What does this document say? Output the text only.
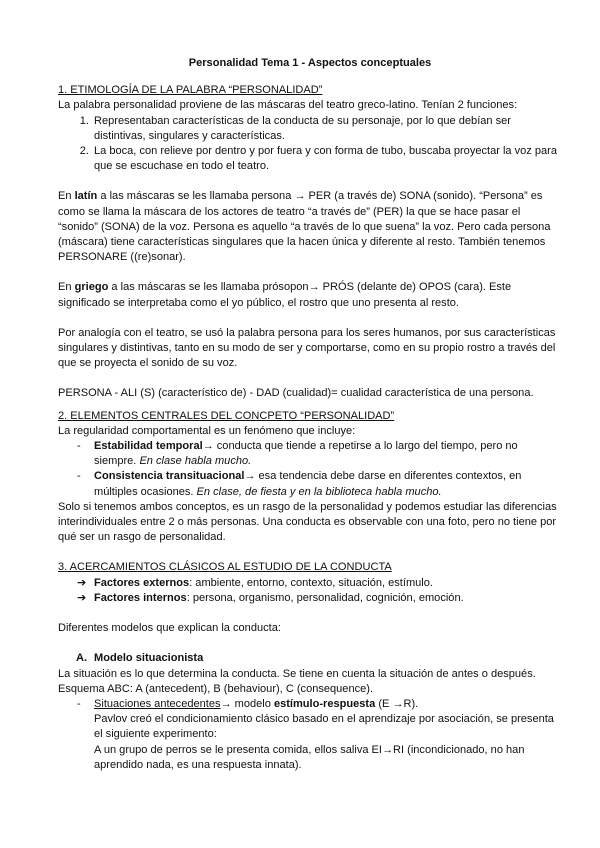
Personalidad Tema 1 - Aspectos conceptuales

1. ETIMOLOGÍA DE LA PALABRA “PERSONALIDAD”

La palabra personalidad proviene de las máscaras del teatro greco-latino. Tenían 2 funciones:

1. Representaban características de la conducta de su personaje, por lo que debían ser distintivas, singulares y características.
2. La boca, con relieve por dentro y por fuera y con forma de tubo, buscaba proyectar la voz para que se escuchase en todo el teatro.

En latín a las máscaras se les llamaba persona → PER (a través de) SONA (sonido). “Persona” es como se llama la máscara de los actores de teatro “a través de” (PER) la que se hace pasar el “sonido” (SONA) de la voz. Persona es aquello “a través de lo que suena” la voz. Pero cada persona (máscara) tiene características singulares que la hacen única y diferente al resto. También tenemos PERSONARE ((re)sonar).

En griego a las máscaras se les llamaba prósopon→ PRÓS (delante de) OPOS (cara). Este significado se interpretaba como el yo público, el rostro que uno presenta al resto.

Por analogía con el teatro, se usó la palabra persona para los seres humanos, por sus características singulares y distintivas, tanto en su modo de ser y comportarse, como en su propio rostro a través del que se proyecta el sonido de su voz.

PERSONA - ALI (S) (característico de) - DAD (cualidad)= cualidad característica de una persona.

2. ELEMENTOS CENTRALES DEL CONCPETO “PERSONALIDAD”

La regularidad comportamental es un fenómeno que incluye:

- Estabilidad temporal→ conducta que tiende a repetirse a lo largo del tiempo, pero no siempre. En clase habla mucho.
- Consistencia transituacional→ esa tendencia debe darse en diferentes contextos, en múltiples ocasiones. En clase, de fiesta y en la biblioteca habla mucho.

Solo si tenemos ambos conceptos, es un rasgo de la personalidad y podemos estudiar las diferencias interindividuales entre 2 o más personas. Una conducta es observable con una foto, pero no tiene por qué ser un rasgo de personalidad.

3. ACERCAMIENTOS CLÁSICOS AL ESTUDIO DE LA CONDUCTA

➔ Factores externos: ambiente, entorno, contexto, situación, estímulo.
➔ Factores internos: persona, organismo, personalidad, cognición, emoción.

Diferentes modelos que explican la conducta:

A. Modelo situacionista

La situación es lo que determina la conducta. Se tiene en cuenta la situación de antes o después. Esquema ABC: A (antecedent), B (behaviour), C (consequence).

- Situaciones antecedentes→ modelo estímulo-respuesta (E →R).
Pavlov creó el condicionamiento clásico basado en el aprendizaje por asociación, se presenta el siguiente experimento:
A un grupo de perros se le presenta comida, ellos saliva EI→RI (incondicionado, no han aprendido nada, es una respuesta innata).
